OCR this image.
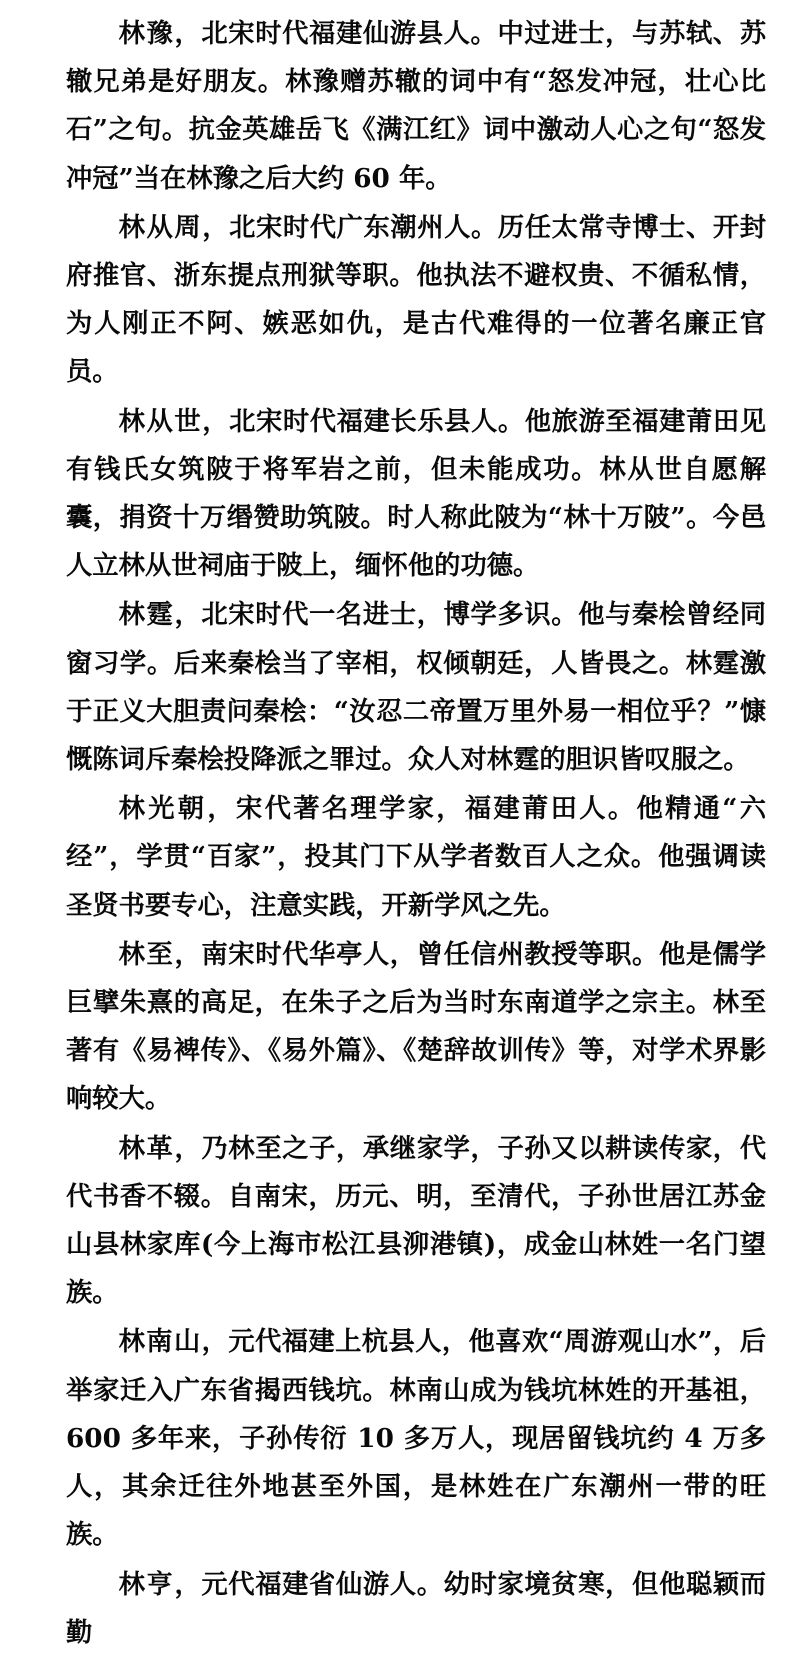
林豫，北宋时代福建仙游县人。中过进士，与苏轼、苏辙兄弟是好朋友。林豫赠苏辙的词中有“怒发冲冠，壮心比石”之句。抗金英雄岳飞《满江红》词中激动人心之句“怒发冲冠”当在林豫之后大约 60 年。

林从周，北宋时代广东潮州人。历任太常寺博士、开封府推官、浙东提点刑狱等职。他执法不避权贵、不循私情，为人刚正不阿、嫉恶如仇，是古代难得的一位著名廉正官员。

林从世，北宋时代福建长乐县人。他旅游至福建莆田见有钱氏女筑陂于将军岩之前，但未能成功。林从世自愿解囊，捐资十万缗赞助筑陂。时人称此陂为“林十万陂”。今邑人立林从世祠庙于陂上，缅怀他的功德。

林霆，北宋时代一名进士，博学多识。他与秦桧曾经同窗习学。后来秦桧当了宰相，权倾朝廷，人皆畏之。林霆激于正义大胆责问秦桧：“汝忍二帝置万里外易一相位乎？”慷慨陈词斥秦桧投降派之罪过。众人对林霆的胆识皆叹服之。

林光朝，宋代著名理学家，福建莆田人。他精通“六经”，学贯“百家”，投其门下从学者数百人之众。他强调读圣贤书要专心，注意实践，开新学风之先。

林至，南宋时代华亭人，曾任信州教授等职。他是儒学巨擘朱熹的高足，在朱子之后为当时东南道学之宗主。林至著有《易裨传》、《易外篇》、《楚辞故训传》等，对学术界影响较大。

林革，乃林至之子，承继家学，子孙又以耕读传家，代代书香不辍。自南宋，历元、明，至清代，子孙世居江苏金山县林家库(今上海市松江县泖港镇)，成金山林姓一名门望族。

林南山，元代福建上杭县人，他喜欢“周游观山水”，后举家迁入广东省揭西钱坑。林南山成为钱坑林姓的开基祖，600 多年来，子孙传衍 10 多万人，现居留钱坑约 4 万多人，其余迁往外地甚至外国，是林姓在广东潮州一带的旺族。

林亨，元代福建省仙游人。幼时家境贫寒，但他聪颖而勤
